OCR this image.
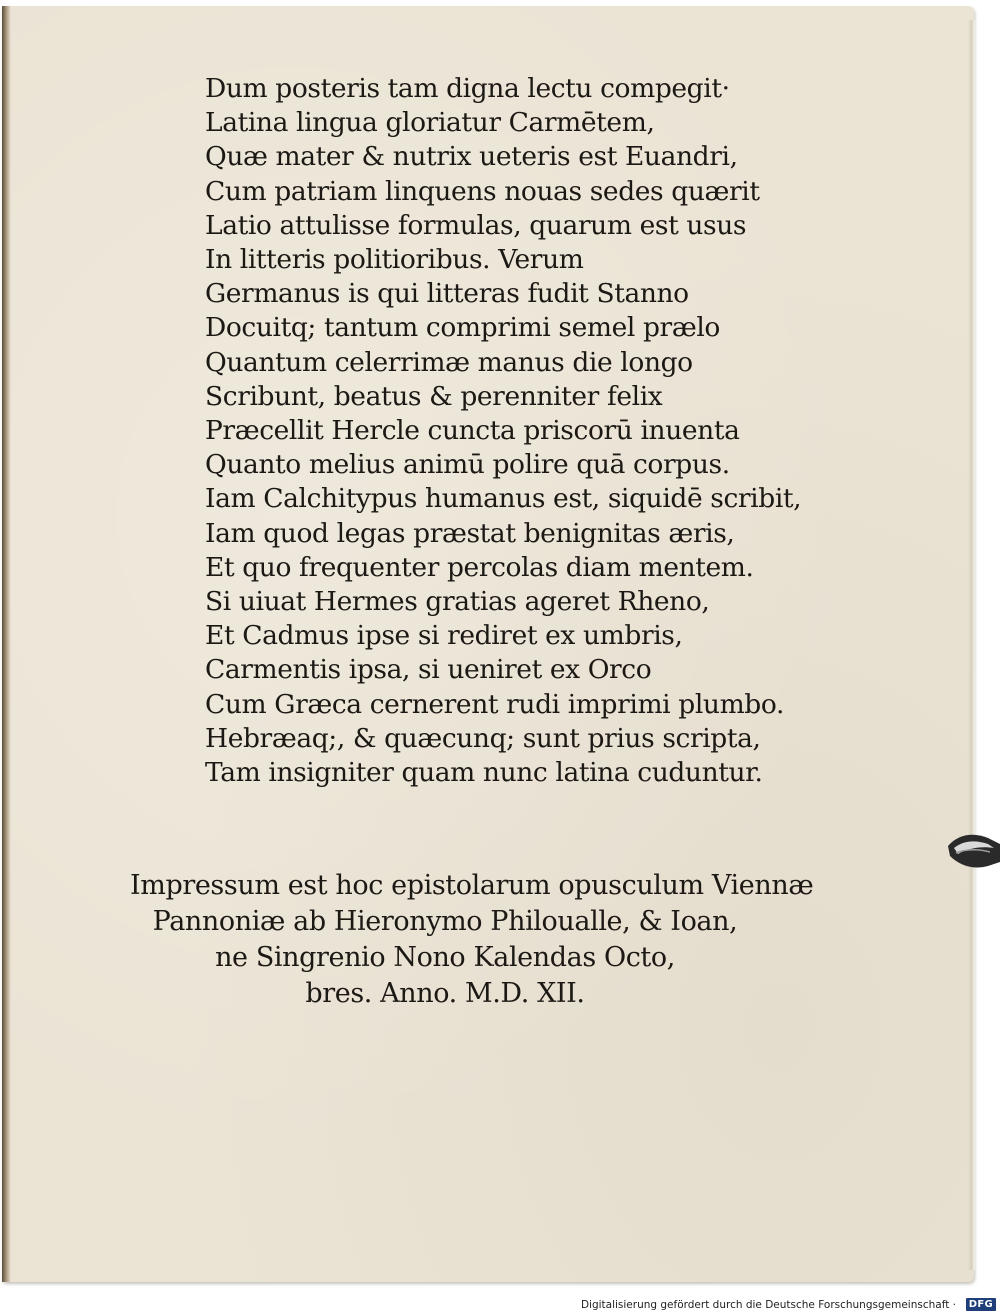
Dum posteris tam digna lectu compegit·
Latina lingua gloriatur Carmētem,
Quæ mater & nutrix ueteris est Euandri,
Cum patriam linquens nouas sedes quærit
Latio attulisse formulas, quarum est usus
In litteris politioribus. Verum
Germanus is qui litteras fudit Stanno
Docuitq; tantum comprimi semel prælo
Quantum celerrimæ manus die longo
Scribunt, beatus & perenniter felix
Præcellit Hercle cuncta priscorū inuenta
Quanto melius animū polire quā corpus.
Iam Calchitypus humanus est, siquidē scribit,
Iam quod legas præstat benignitas æris,
Et quo frequenter percolas diam mentem.
Si uiuat Hermes gratias ageret Rheno,
Et Cadmus ipse si rediret ex umbris,
Carmentis ipsa, si ueniret ex Orco
Cum Græca cernerent rudi imprimi plumbo.
Hebræaq;, & quæcunq; sunt prius scripta,
Tam insigniter quam nunc latina cuduntur.
Impressum est hoc epistolarum opusculum Viennæ
Pannoniæ ab Hieronymo Philoualle, & Ioan,
ne Singrenio Nono Kalendas Octo,
bres. Anno. M.D. XII.
Digitalisierung gefördert durch die Deutsche Forschungsgemeinschaft ·	DFG
